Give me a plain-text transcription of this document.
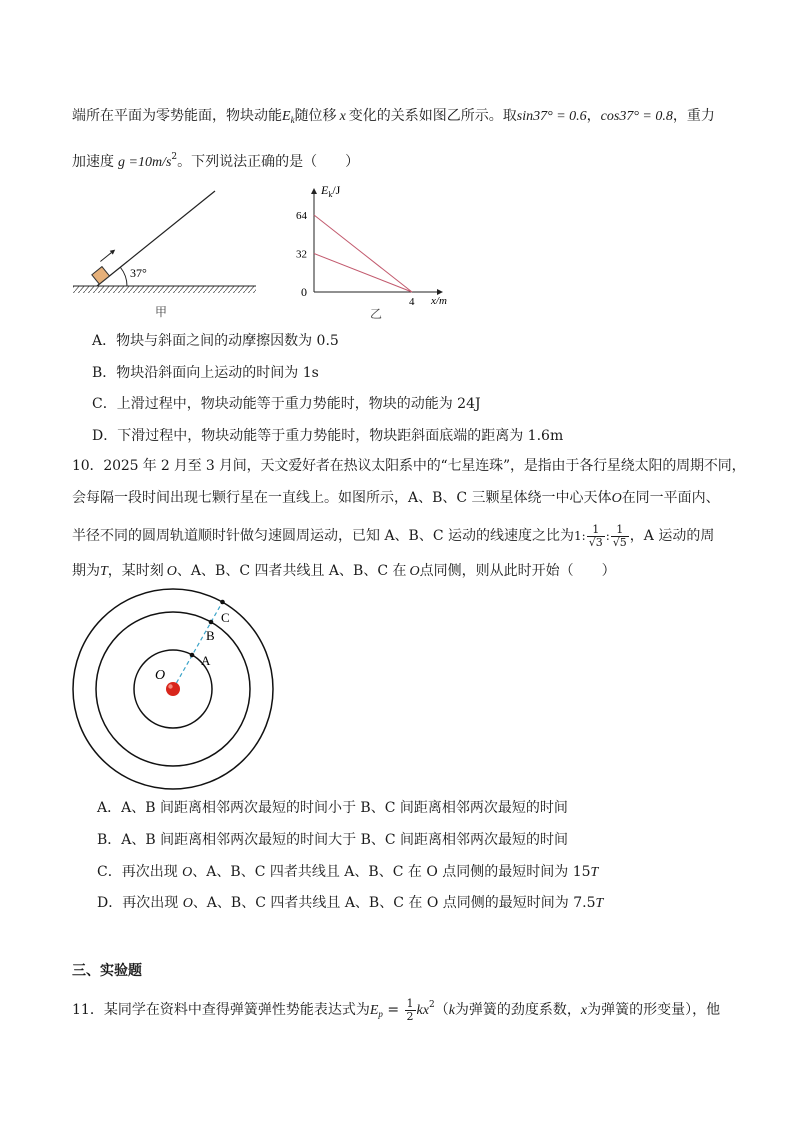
端所在平面为零势能面，物块动能$E_k$随位移 x 变化的关系如图乙所示。取sin37° = 0.6，cos37° = 0.8，重力
加速度 $g =10m/s^2$。下列说法正确的是（　　）
37°
甲
$E_k/J$
x/m
0
32
64
4
乙
A．物块与斜面之间的动摩擦因数为 0.5
B．物块沿斜面向上运动的时间为 1s
C．上滑过程中，物块动能等于重力势能时，物块的动能为 24J
D．下滑过程中，物块动能等于重力势能时，物块距斜面底端的距离为 1.6m
10．2025 年 2 月至 3 月间，天文爱好者在热议太阳系中的“七星连珠”，是指由于各行星绕太阳的周期不同，
会每隔一段时间出现七颗行星在一直线上。如图所示，A、B、C 三颗星体绕一中心天体O在同一平面内、
半径不同的圆周轨道顺时针做匀速圆周运动，已知 A、B、C 运动的线速度之比为1: $\frac{1}{√3}$ : $\frac{1}{√5}$ ，A 运动的周
期为T，某时刻 O、A、B、C 四者共线且 A、B、C 在 O点同侧，则从此时开始（　　）
O
A
B
C
A．A、B 间距离相邻两次最短的时间小于 B、C 间距离相邻两次最短的时间
B．A、B 间距离相邻两次最短的时间大于 B、C 间距离相邻两次最短的时间
C．再次出现 O、A、B、C 四者共线且 A、B、C 在 O 点同侧的最短时间为 15T
D．再次出现 O、A、B、C 四者共线且 A、B、C 在 O 点同侧的最短时间为 7.5T
三、实验题
11．某同学在资料中查得弹簧弹性势能表达式为$E_p = \frac{1}{2} kx^2(k$为弹簧的劲度系数，x为弹簧的形变量），他
